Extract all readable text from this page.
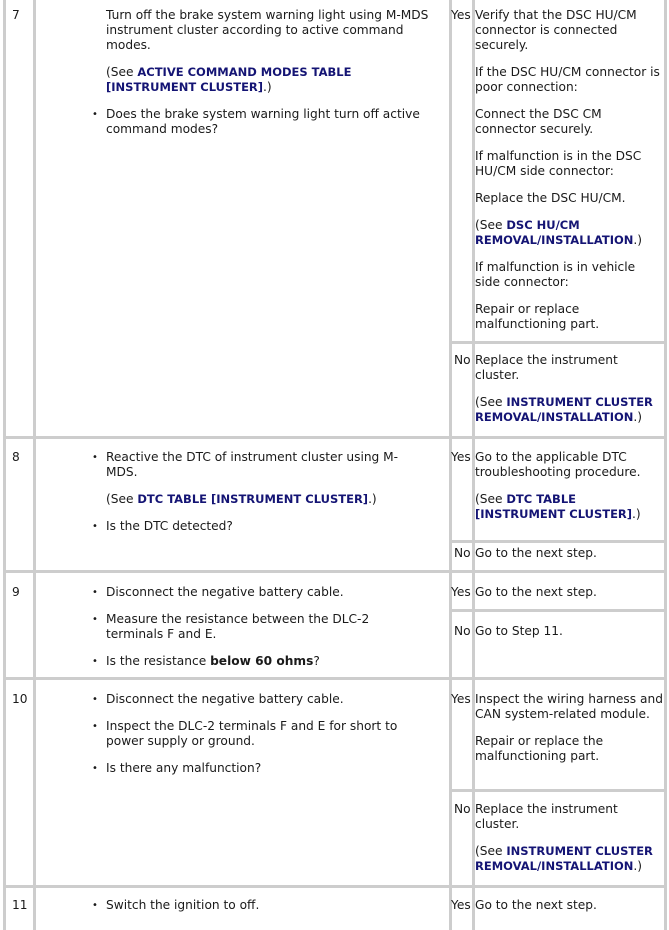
7	Turn off the brake system warning light using M-MDS instrument cluster according to active command modes.

(See ACTIVE COMMAND MODES TABLE [INSTRUMENT CLUSTER].)

• Does the brake system warning light turn off active command modes?
Yes Verify that the DSC HU/CM connector is connected securely.

If the DSC HU/CM connector is poor connection:

Connect the DSC CM connector securely.

If malfunction is in the DSC HU/CM side connector:

Replace the DSC HU/CM.

(See DSC HU/CM REMOVAL/INSTALLATION.)

If malfunction is in vehicle side connector:

Repair or replace malfunctioning part.

No Replace the instrument cluster.

(See INSTRUMENT CLUSTER REMOVAL/INSTALLATION.)

8	• Reactive the DTC of instrument cluster using M-MDS.

(See DTC TABLE [INSTRUMENT CLUSTER].)

• Is the DTC detected?
Yes Go to the applicable DTC troubleshooting procedure.

(See DTC TABLE [INSTRUMENT CLUSTER].)

No Go to the next step.

9	• Disconnect the negative battery cable.
• Measure the resistance between the DLC-2 terminals F and E.
• Is the resistance below 60 ohms?
Yes Go to the next step.

No Go to Step 11.

10	• Disconnect the negative battery cable.
• Inspect the DLC-2 terminals F and E for short to power supply or ground.
• Is there any malfunction?
Yes Inspect the wiring harness and CAN system-related module.

Repair or replace the malfunctioning part.

No Replace the instrument cluster.

(See INSTRUMENT CLUSTER REMOVAL/INSTALLATION.)

11	• Switch the ignition to off.	Yes Go to the next step.
